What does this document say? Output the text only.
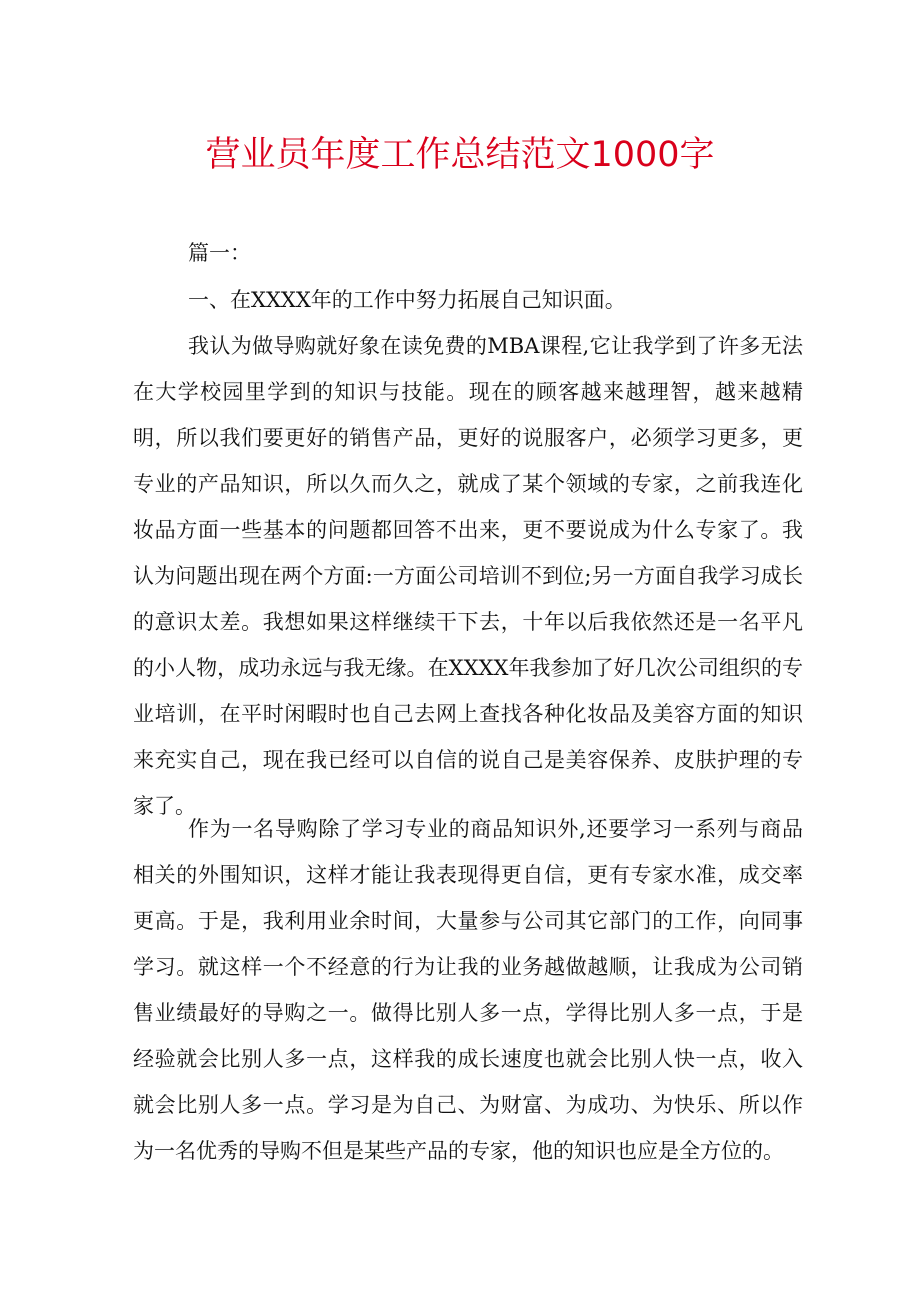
营业员年度工作总结范文1000字

篇一：

一、在XXXX年的工作中努力拓展自己知识面。

我认为做导购就好象在读免费的MBA课程,它让我学到了许多无法在大学校园里学到的知识与技能。现在的顾客越来越理智，越来越精明，所以我们要更好的销售产品，更好的说服客户，必须学习更多，更专业的产品知识，所以久而久之，就成了某个领域的专家，之前我连化妆品方面一些基本的问题都回答不出来，更不要说成为什么专家了。我认为问题出现在两个方面:一方面公司培训不到位;另一方面自我学习成长的意识太差。我想如果这样继续干下去，十年以后我依然还是一名平凡的小人物，成功永远与我无缘。在XXXX年我参加了好几次公司组织的专业培训，在平时闲暇时也自己去网上查找各种化妆品及美容方面的知识来充实自己，现在我已经可以自信的说自己是美容保养、皮肤护理的专家了。

作为一名导购除了学习专业的商品知识外,还要学习一系列与商品相关的外围知识，这样才能让我表现得更自信，更有专家水准，成交率更高。于是，我利用业余时间，大量参与公司其它部门的工作，向同事学习。就这样一个不经意的行为让我的业务越做越顺，让我成为公司销售业绩最好的导购之一。做得比别人多一点，学得比别人多一点，于是经验就会比别人多一点，这样我的成长速度也就会比别人快一点，收入就会比别人多一点。学习是为自己、为财富、为成功、为快乐、所以作为一名优秀的导购不但是某些产品的专家，他的知识也应是全方位的。
